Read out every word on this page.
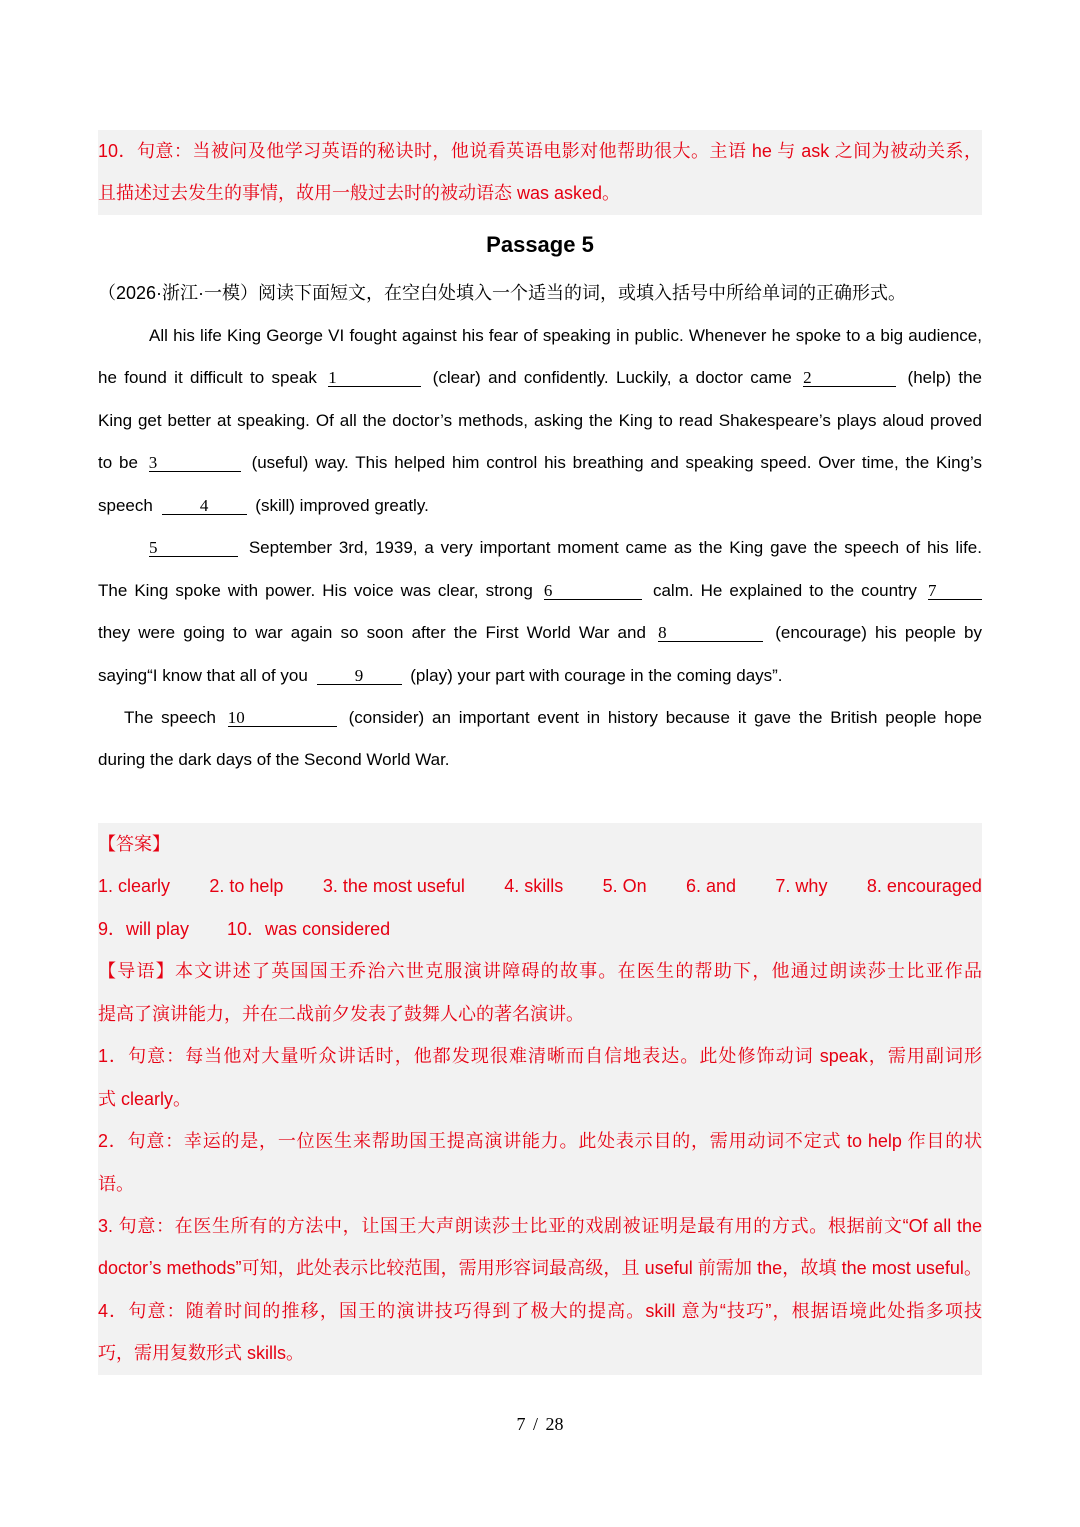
10．句意：当被问及他学习英语的秘诀时，他说看英语电影对他帮助很大。主语 he 与 ask 之间为被动关系，
且描述过去发生的事情，故用一般过去时的被动语态 was asked。
Passage 5
（2026·浙江·一模）阅读下面短文，在空白处填入一个适当的词，或填入括号中所给单词的正确形式。
All his life King George VI fought against his fear of speaking in public. Whenever he spoke to a big audience,
he found it difficult to speak 1	(clear) and confidently. Luckily, a doctor came 2	(help) the
King get better at speaking. Of all the doctor’s methods, asking the King to read Shakespeare’s plays aloud proved
to be 3	(useful) way. This helped him control his breathing and speaking speed. Over time, the King’s
speech	4	(skill) improved greatly.
5	September 3rd, 1939, a very important moment came as the King gave the speech of his life.
The King spoke with power. His voice was clear, strong 6	calm. He explained to the country 7
they were going to war again so soon after the First World War and 8	(encourage) his people by
saying“I know that all of you	9	(play) your part with courage in the coming days”.
The speech 10	(consider) an important event in history because it gave the British people hope
during the dark days of the Second World War.
【答案】
1. clearly 2. to help 3. the most useful 4. skills 5. On 6. and 7. why 8. encouraged
9．will play 10．was considered
【导语】本文讲述了英国国王乔治六世克服演讲障碍的故事。在医生的帮助下，他通过朗读莎士比亚作品
提高了演讲能力，并在二战前夕发表了鼓舞人心的著名演讲。
1．句意：每当他对大量听众讲话时，他都发现很难清晰而自信地表达。此处修饰动词 speak，需用副词形
式 clearly。
2．句意：幸运的是，一位医生来帮助国王提高演讲能力。此处表示目的，需用动词不定式 to help 作目的状
语。
3. 句意：在医生所有的方法中，让国王大声朗读莎士比亚的戏剧被证明是最有用的方式。根据前文“Of all the
doctor’s methods”可知，此处表示比较范围，需用形容词最高级，且 useful 前需加 the，故填 the most useful。
4．句意：随着时间的推移，国王的演讲技巧得到了极大的提高。skill 意为“技巧”，根据语境此处指多项技
巧，需用复数形式 skills。
7 / 28
